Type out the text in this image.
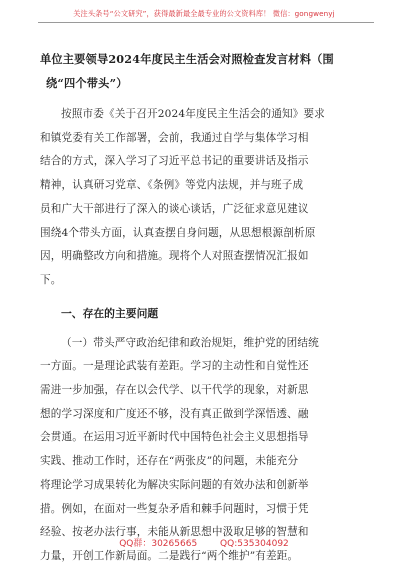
关注头条号“公文研究”，获得最新最全最专业的公文资料库！ 微信：gongwenyj
单位主要领导2024年度民主生活会对照检查发言材料（围
绕“四个带头”）

按照市委《关于召开2024年度民主生活会的通知》要求
和镇党委有关工作部署，会前，我通过自学与集体学习相
结合的方式，深入学习了习近平总书记的重要讲话及指示
精神，认真研习党章、《条例》等党内法规，并与班子成
员和广大干部进行了深入的谈心谈话，广泛征求意见建议
围绕4个带头方面，认真查摆自身问题，从思想根源剖析原
因，明确整改方向和措施。现将个人对照查摆情况汇报如
下。

一、存在的主要问题

（一）带头严守政治纪律和政治规矩，维护党的团结统
一方面。一是理论武装有差距。学习的主动性和自觉性还
需进一步加强，存在以会代学、以干代学的现象，对新思
想的学习深度和广度还不够，没有真正做到学深悟透、融
会贯通。在运用习近平新时代中国特色社会主义思想指导
实践、推动工作时，还存在“两张皮”的问题，未能充分
将理论学习成果转化为解决实际问题的有效办法和创新举
措。例如，在面对一些复杂矛盾和棘手问题时，习惯于凭
经验、按老办法行事，未能从新思想中汲取足够的智慧和
力量，开创工作新局面。二是践行“两个维护”有差距。

QQ群：30265665	QQ:535304092
